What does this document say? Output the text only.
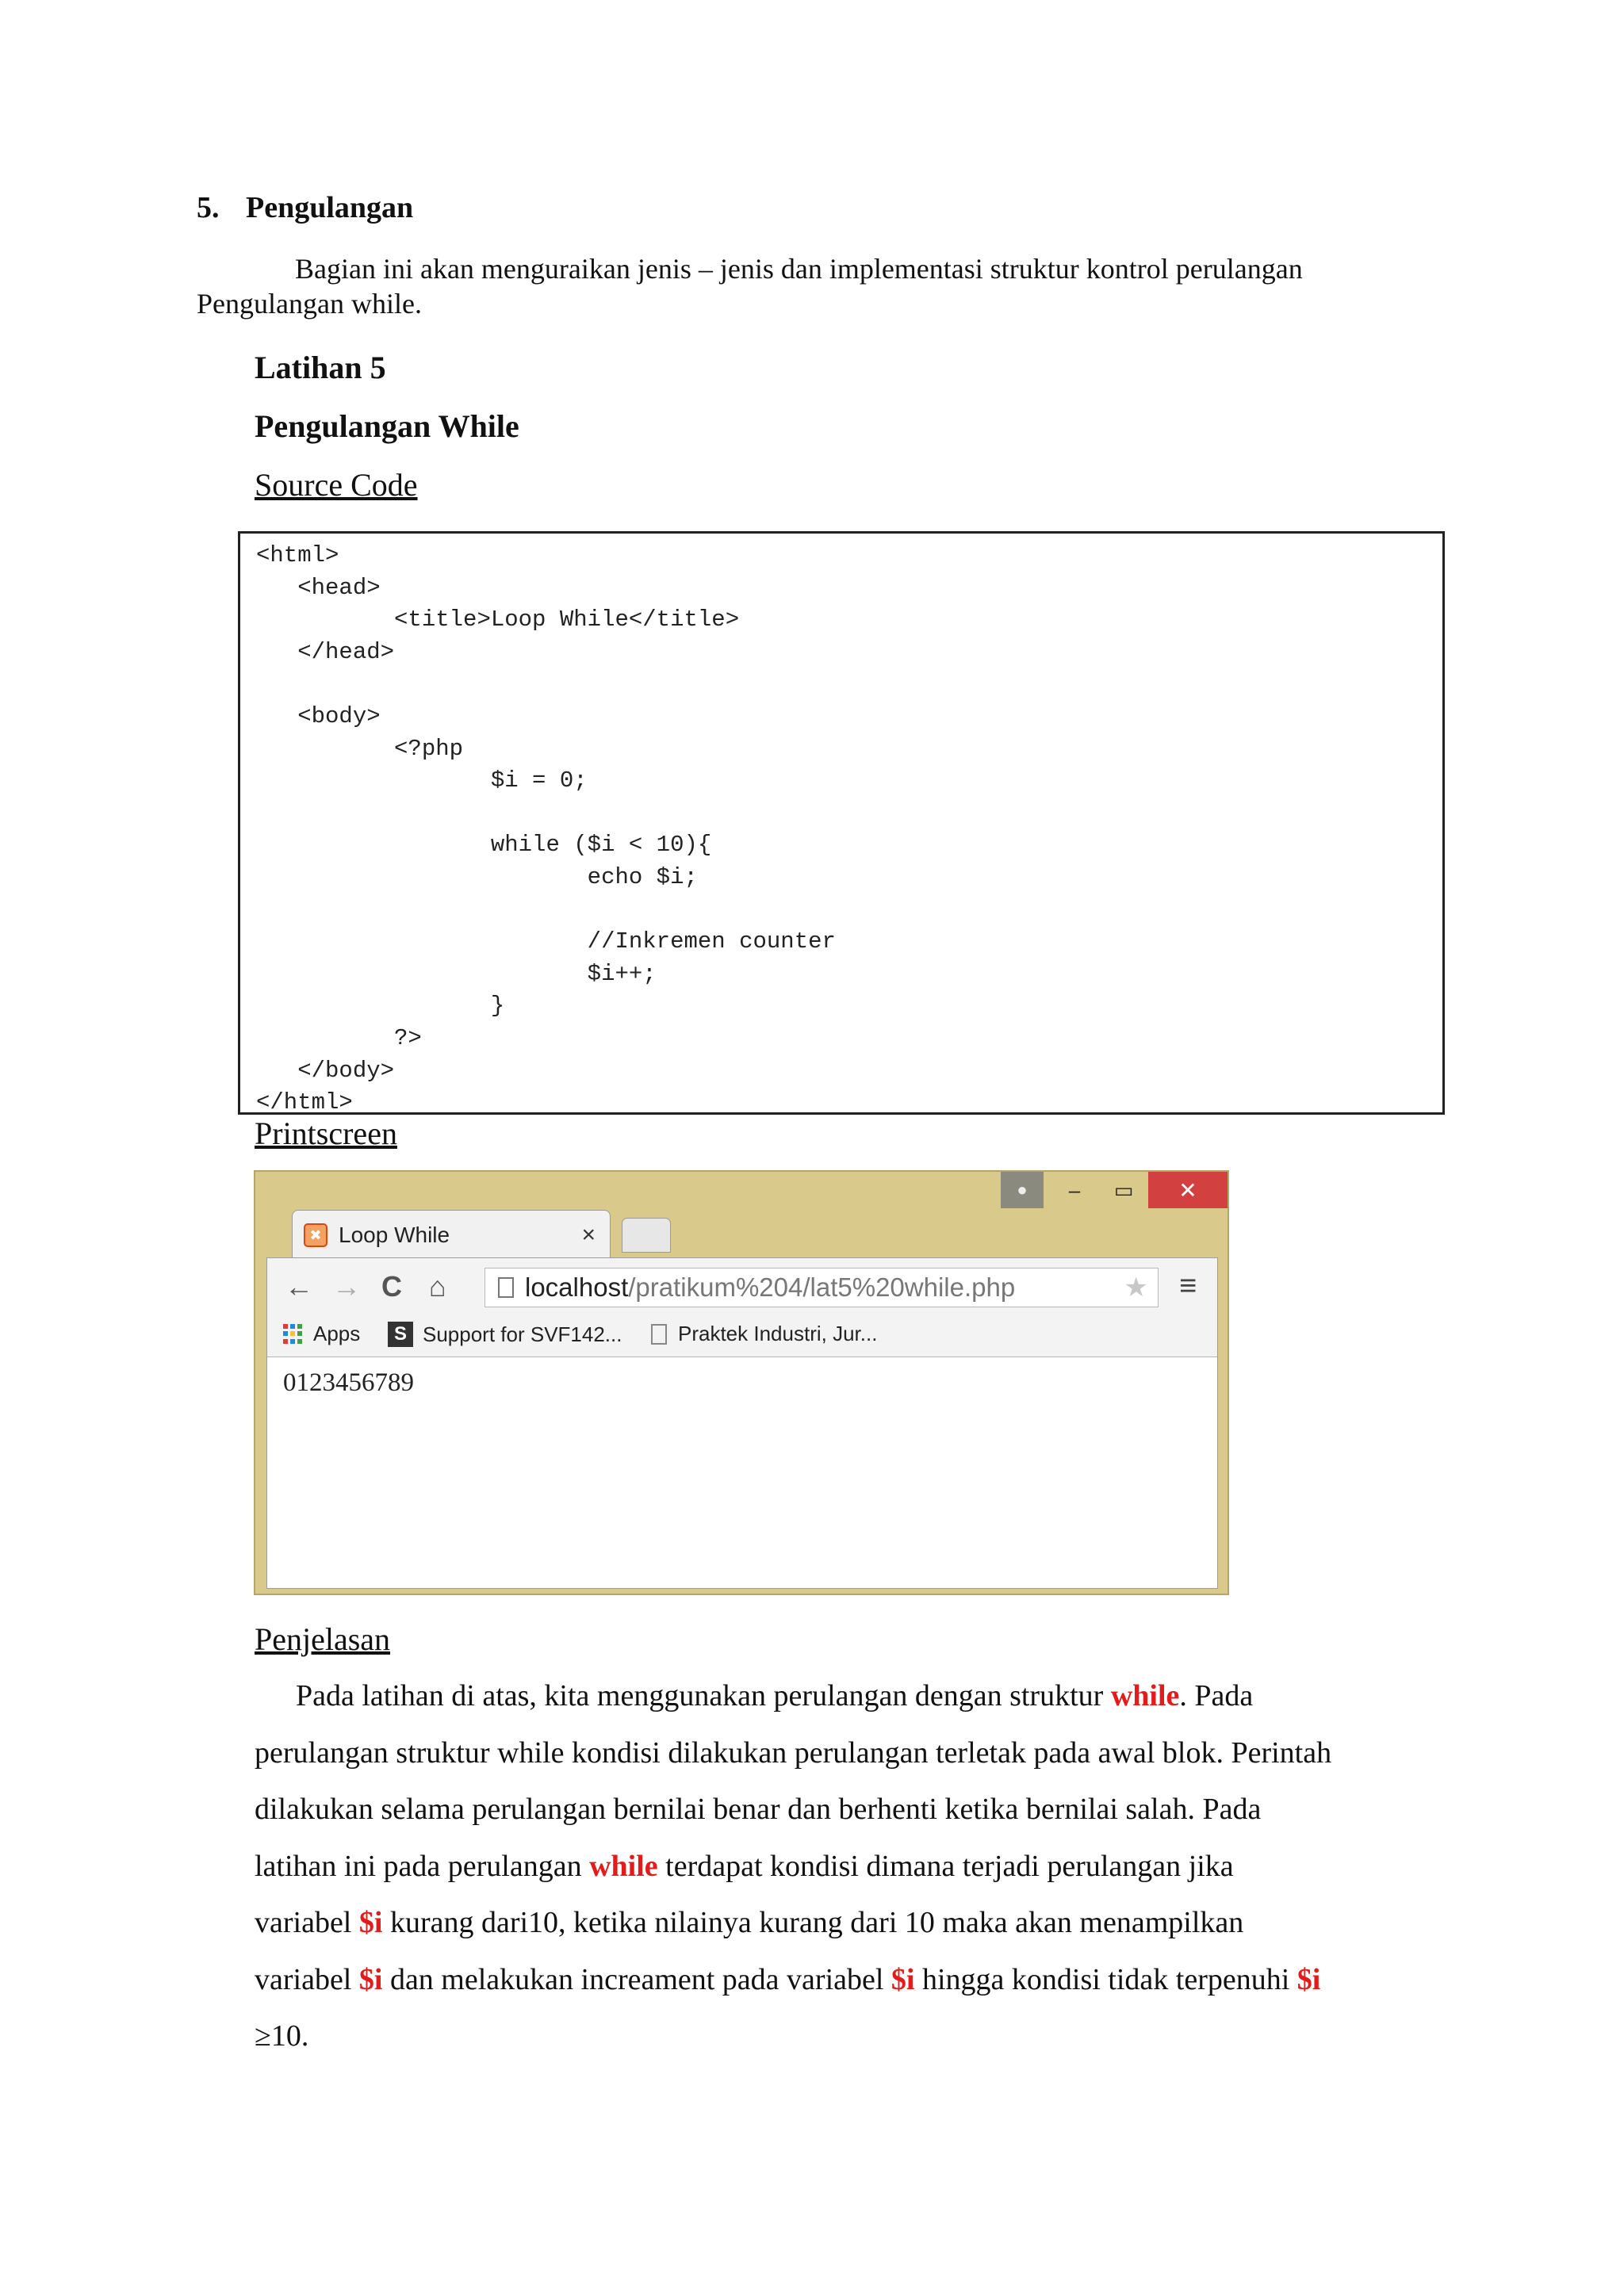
5. Pengulangan

Bagian ini akan menguraikan jenis – jenis dan implementasi struktur kontrol perulangan

Pengulangan while.

Latihan 5

Pengulangan While

Source Code

<html>
<head>
<title>Loop While</title>
</head>

<body>
<?php
$i = 0;

while ($i < 10){
echo $i;

//Inkremen counter
$i++;
}
?>
</body>
</html>

Printscreen

●	–	▭	✕
✖ Loop While	×
← → C ⌂	localhost/pratikum%204/lat5%20while.php	★ ≡
Apps	S Support for SVF142...	Praktek Industri, Jur...
0123456789

Penjelasan

Pada latihan di atas, kita menggunakan perulangan dengan struktur while. Pada

perulangan struktur while kondisi dilakukan perulangan terletak pada awal blok. Perintah

dilakukan selama perulangan bernilai benar dan berhenti ketika bernilai salah. Pada

latihan ini pada perulangan while terdapat kondisi dimana terjadi perulangan jika

variabel $i kurang dari10, ketika nilainya kurang dari 10 maka akan menampilkan

variabel $i dan melakukan increament pada variabel $i hingga kondisi tidak terpenuhi $i

≥10.
